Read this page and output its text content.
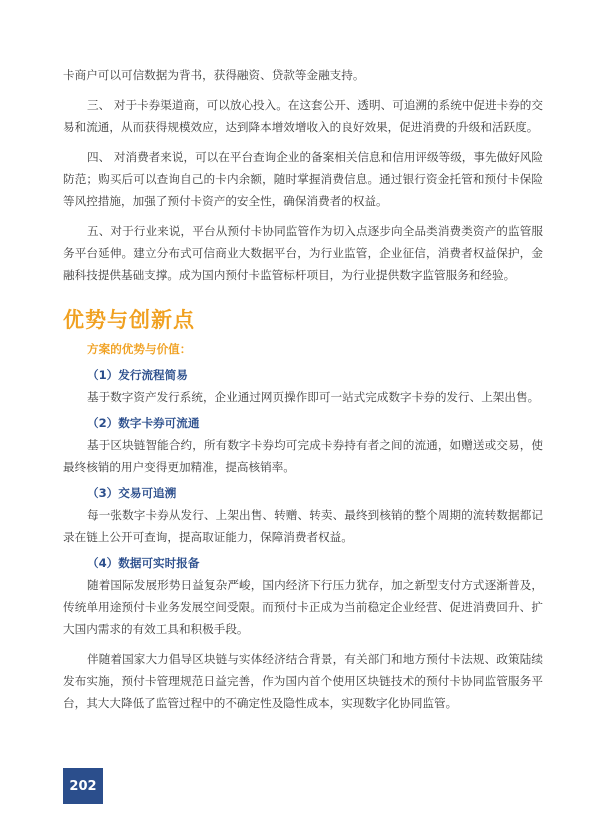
卡商户可以可信数据为背书，获得融资、贷款等金融支持。

三、 对于卡券渠道商，可以放心投入。在这套公开、透明、可追溯的系统中促进卡券的交易和流通，从而获得规模效应，达到降本增效增收入的良好效果，促进消费的升级和活跃度。

四、 对消费者来说，可以在平台查询企业的备案相关信息和信用评级等级，事先做好风险防范；购买后可以查询自己的卡内余额，随时掌握消费信息。通过银行资金托管和预付卡保险等风控措施，加强了预付卡资产的安全性，确保消费者的权益。

五、对于行业来说，平台从预付卡协同监管作为切入点逐步向全品类消费类资产的监管服务平台延伸。建立分布式可信商业大数据平台，为行业监管，企业征信，消费者权益保护，金融科技提供基础支撑。成为国内预付卡监管标杆项目，为行业提供数字监管服务和经验。

优势与创新点

方案的优势与价值：

（1）发行流程简易

基于数字资产发行系统，企业通过网页操作即可一站式完成数字卡券的发行、上架出售。

（2）数字卡券可流通

基于区块链智能合约，所有数字卡券均可完成卡券持有者之间的流通，如赠送或交易，使最终核销的用户变得更加精准，提高核销率。

（3）交易可追溯

每一张数字卡券从发行、上架出售、转赠、转卖、最终到核销的整个周期的流转数据都记录在链上公开可查询，提高取证能力，保障消费者权益。

（4）数据可实时报备

随着国际发展形势日益复杂严峻，国内经济下行压力犹存，加之新型支付方式逐渐普及，传统单用途预付卡业务发展空间受限。而预付卡正成为当前稳定企业经营、促进消费回升、扩大国内需求的有效工具和积极手段。

伴随着国家大力倡导区块链与实体经济结合背景，有关部门和地方预付卡法规、政策陆续发布实施，预付卡管理规范日益完善，作为国内首个使用区块链技术的预付卡协同监管服务平台，其大大降低了监管过程中的不确定性及隐性成本，实现数字化协同监管。

202
